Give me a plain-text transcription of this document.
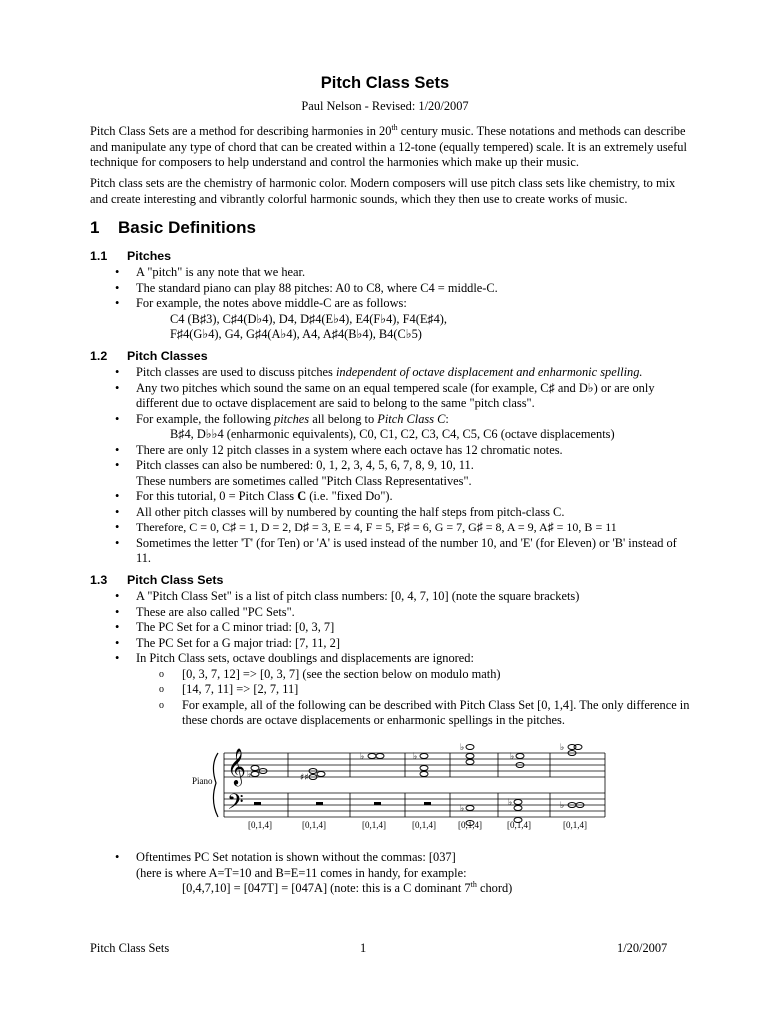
Pitch Class Sets
Paul Nelson - Revised: 1/20/2007
Pitch Class Sets are a method for describing harmonies in 20th century music. These notations and methods can describe and manipulate any type of chord that can be created within a 12-tone (equally tempered) scale. It is an extremely useful technique for composers to help understand and control the harmonies which make up their music.
Pitch class sets are the chemistry of harmonic color. Modern composers will use pitch class sets like chemistry, to mix and create interesting and vibrantly colorful harmonic sounds, which they then use to create works of music.
1 Basic Definitions
1.1 Pitches
• A "pitch" is any note that we hear.
• The standard piano can play 88 pitches: A0 to C8, where C4 = middle-C.
• For example, the notes above middle-C are as follows:
C4 (B♯3), C♯4(D♭4), D4, D♯4(E♭4), E4(F♭4), F4(E♯4),
F♯4(G♭4), G4, G♯4(A♭4), A4, A♯4(B♭4), B4(C♭5)
1.2 Pitch Classes
• Pitch classes are used to discuss pitches independent of octave displacement and enharmonic spelling.
• Any two pitches which sound the same on an equal tempered scale (for example, C♯ and D♭) or are only different due to octave displacement are said to belong to the same "pitch class".
• For example, the following pitches all belong to Pitch Class C:
B♯4, D♭♭4 (enharmonic equivalents), C0, C1, C2, C3, C4, C5, C6 (octave displacements)
• There are only 12 pitch classes in a system where each octave has 12 chromatic notes.
• Pitch classes can also be numbered: 0, 1, 2, 3, 4, 5, 6, 7, 8, 9, 10, 11.
These numbers are sometimes called "Pitch Class Representatives".
• For this tutorial, 0 = Pitch Class C (i.e. "fixed Do").
• All other pitch classes will by numbered by counting the half steps from pitch-class C.
• Therefore, C = 0, C♯ = 1, D = 2, D♯ = 3, E = 4, F = 5, F♯ = 6, G = 7, G♯ = 8, A = 9, A♯ = 10, B = 11
• Sometimes the letter 'T' (for Ten) or 'A' is used instead of the number 10, and 'E' (for Eleven) or 'B' instead of 11.
1.3 Pitch Class Sets
• A "Pitch Class Set" is a list of pitch class numbers: [0, 4, 7, 10] (note the square brackets)
• These are also called "PC Sets".
• The PC Set for a C minor triad: [0, 3, 7]
• The PC Set for a G major triad: [7, 11, 2]
• In Pitch Class sets, octave doublings and displacements are ignored:
o [0, 3, 7, 12] => [0, 3, 7] (see the section below on modulo math)
o [14, 7, 11] => [2, 7, 11]
o For example, all of the following can be described with Pitch Class Set [0, 1,4]. The only difference in these chords are octave displacements or enharmonic spellings in the pitches.
𝄞
𝄢
♭	♯♯
♭	♭
♭
♭
♭
♭
♭	♭
Piano
[0,1,4]	[0,1,4]	[0,1,4]	[0,1,4] [0,1,4]	[0,1,4]	[0,1,4]
• Oftentimes PC Set notation is shown without the commas: [037]
(here is where A=T=10 and B=E=11 comes in handy, for example:
[0,4,7,10] = [047T] = [047A] (note: this is a C dominant 7th chord)
Pitch Class Sets	1	1/20/2007
